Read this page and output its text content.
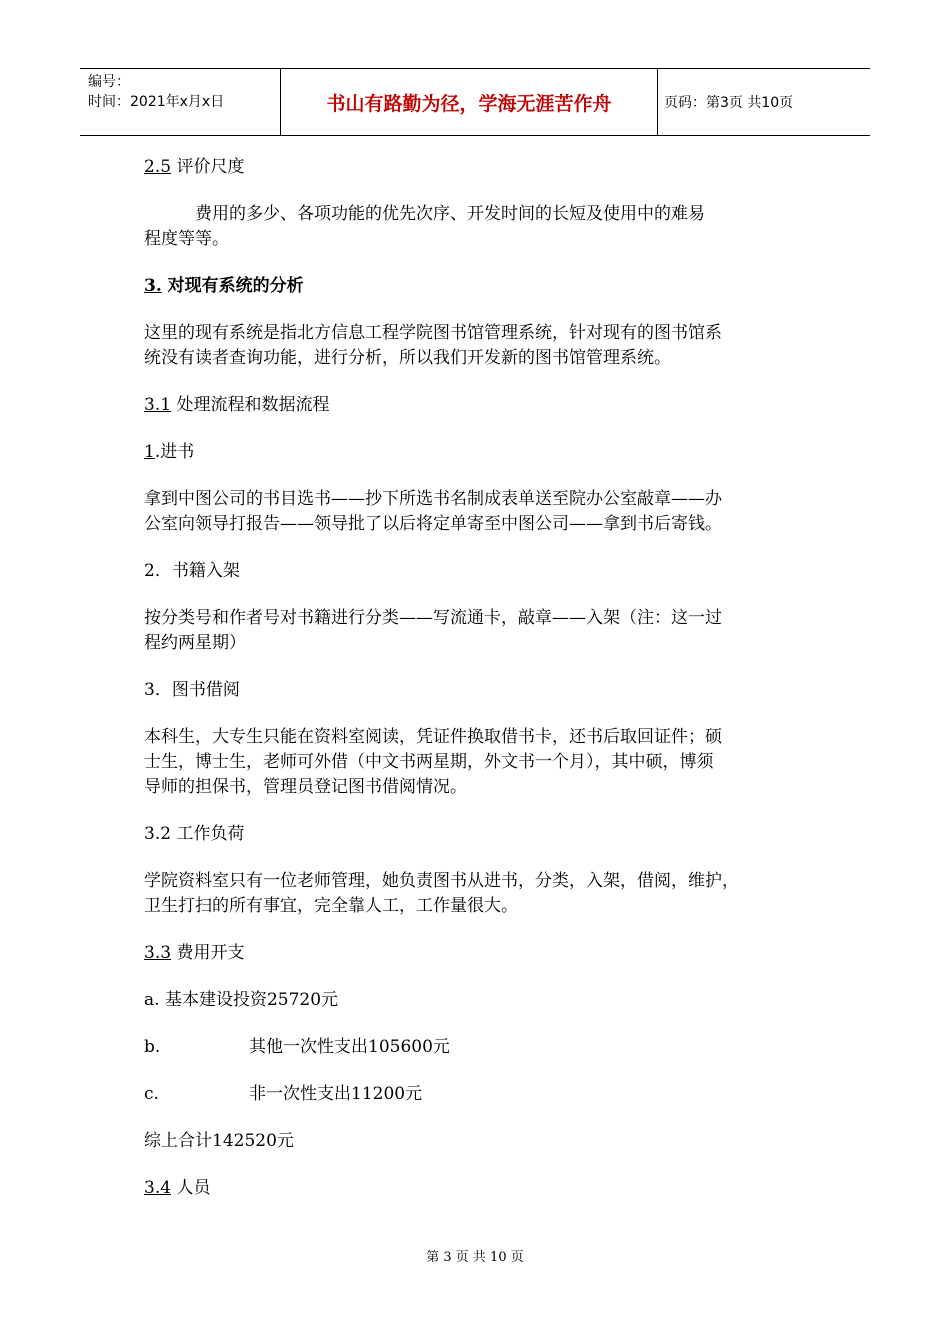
编号：
时间：2021年x月x日	书山有路勤为径，学海无涯苦作舟	页码：第3页 共10页

2.5 评价尺度

　　　费用的多少、各项功能的优先次序、开发时间的长短及使用中的难易

程度等等。

3. 对现有系统的分析

这里的现有系统是指北方信息工程学院图书馆管理系统，针对现有的图书馆系

统没有读者查询功能，进行分析，所以我们开发新的图书馆管理系统。

3.1 处理流程和数据流程

1.进书

拿到中图公司的书目选书——抄下所选书名制成表单送至院办公室敲章——办

公室向领导打报告——领导批了以后将定单寄至中图公司——拿到书后寄钱。

2．书籍入架

按分类号和作者号对书籍进行分类——写流通卡，敲章——入架（注：这一过

程约两星期）

3．图书借阅

本科生，大专生只能在资料室阅读，凭证件换取借书卡，还书后取回证件；硕

士生，博士生，老师可外借（中文书两星期，外文书一个月），其中硕，博须

导师的担保书，管理员登记图书借阅情况。

3.2 工作负荷

学院资料室只有一位老师管理，她负责图书从进书，分类，入架，借阅，维护，

卫生打扫的所有事宜，完全靠人工，工作量很大。

3.3 费用开支

a. 基本建设投资25720元

b.	其他一次性支出105600元

c.	非一次性支出11200元

综上合计142520元

3.4 人员

第 3 页 共 10 页
